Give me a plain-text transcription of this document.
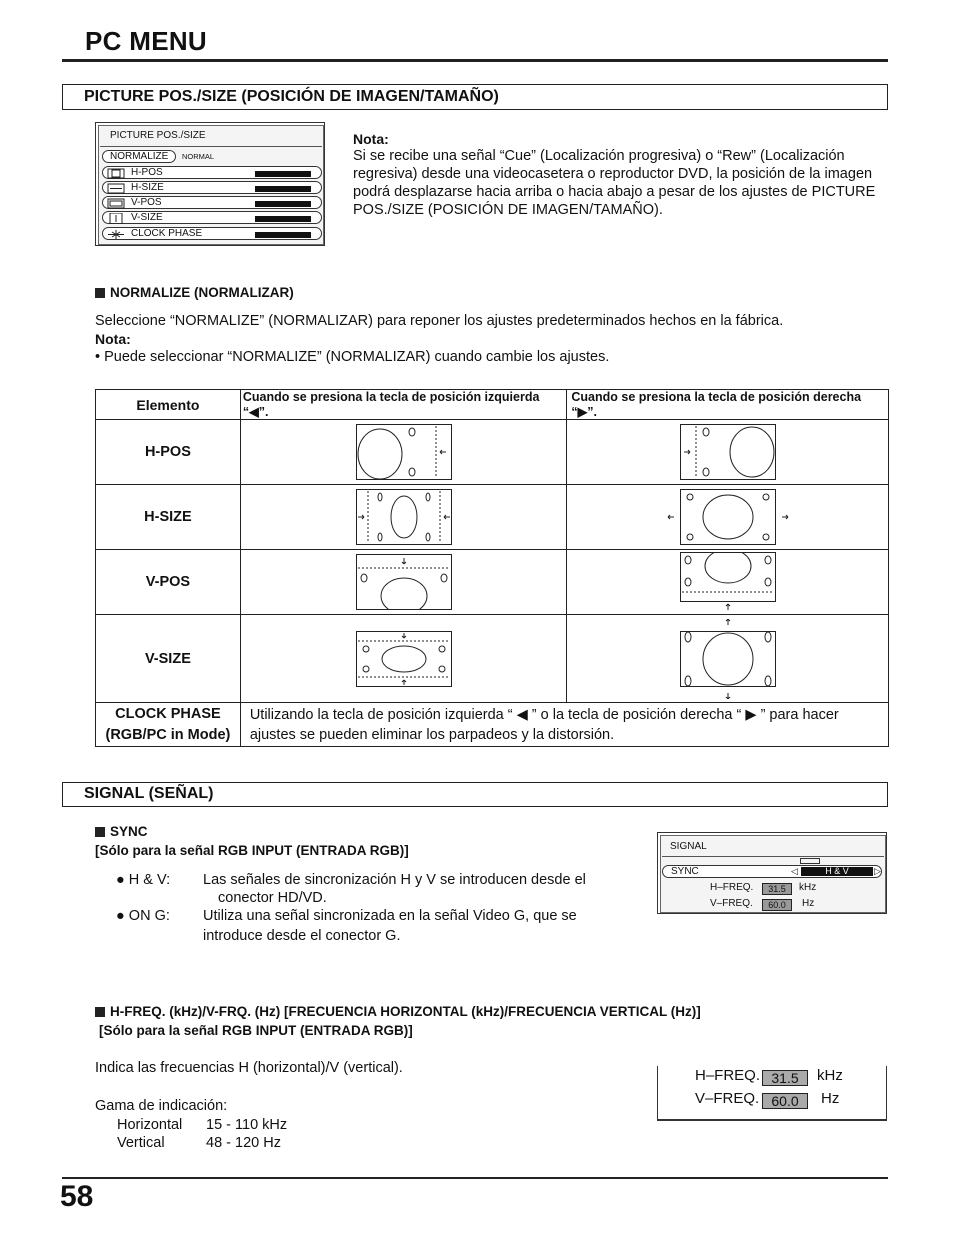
PC MENU
PICTURE POS./SIZE (POSICIÓN DE IMAGEN/TAMAÑO)
PICTURE POS./SIZE
NORMALIZE NORMAL
H-POS
H-SIZE
V-POS
V-SIZE
CLOCK PHASE
Nota:
Si se recibe una señal “Cue” (Localización progresiva) o “Rew” (Localización regresiva) desde una videocasetera o reproductor DVD, la posición de la imagen podrá desplazarse hacia arriba o hacia abajo a pesar de los ajustes de PICTURE POS./SIZE (POSICIÓN DE IMAGEN/TAMAÑO).
NORMALIZE (NORMALIZAR)
Seleccione “NORMALIZE” (NORMALIZAR) para reponer los ajustes predeterminados hechos en la fábrica.
Nota:
• Puede seleccionar “NORMALIZE” (NORMALIZAR) cuando cambie los ajustes.
Elemento	Cuando se presiona la tecla de posición izquierda “◀”.	Cuando se presiona la tecla de posición derecha “▶”.
H-POS	

H-SIZE	

V-POS	

V-SIZE	

CLOCK PHASE
(RGB/PC in Mode)	Utilizando la tecla de posición izquierda “ ◀ ” o la tecla de posición derecha “ ▶ ” para hacer ajustes se pueden eliminar los parpadeos y la distorsión.	
SIGNAL (SEÑAL)
SYNC
[Sólo para la señal RGB INPUT (ENTRADA RGB)]
● H & V: Las señales de sincronización H y V se introducen desde el
conector HD/VD.
● ON G: Utiliza una señal sincronizada en la señal Video G, que se
introduce desde el conector G.
SIGNAL
SYNC	◁	H & V	▷
H–FREQ.	31.5	kHz
V–FREQ.	60.0	Hz
H-FREQ. (kHz)/V-FRQ. (Hz) [FRECUENCIA HORIZONTAL (kHz)/FRECUENCIA VERTICAL (Hz)]
[Sólo para la señal RGB INPUT (ENTRADA RGB)]
Indica las frecuencias H (horizontal)/V (vertical).
Gama de indicación:
Horizontal 15 - 110 kHz
Vertical	48 - 120 Hz
H–FREQ. 31.5	kHz
V–FREQ. 60.0	Hz
58
